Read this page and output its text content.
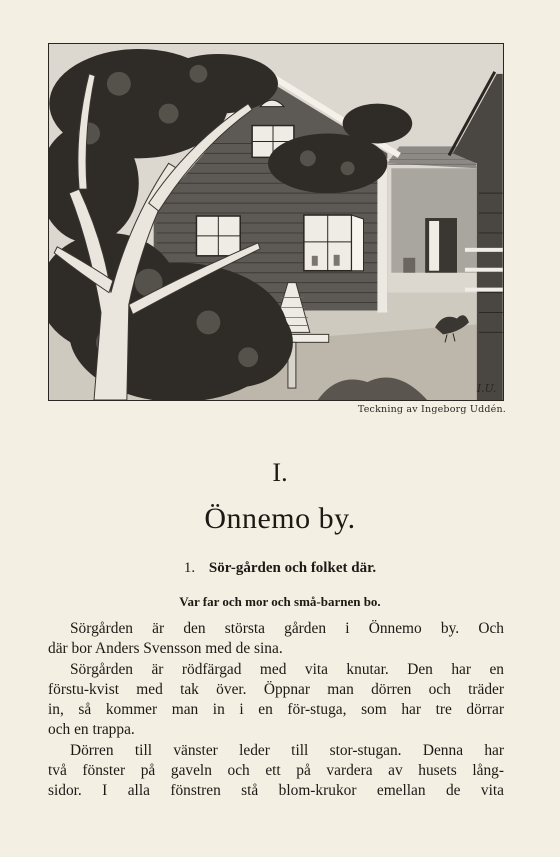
I.U.
Teckning av Ingeborg Uddén.
I.
Önnemo by.
1. Sör-gården och folket där.
Var far och mor och små-barnen bo.
Sörgården är den största gården i Önnemo by. Och
där bor Anders Svensson med de sina.
Sörgården är rödfärgad med vita knutar. Den har en
förstu-kvist med tak över. Öppnar man dörren och träder
in, så kommer man in i en för-stuga, som har tre dörrar
och en trappa.
Dörren till vänster leder till stor-stugan. Denna har
två fönster på gaveln och ett på vardera av husets lång-
sidor. I alla fönstren stå blom-krukor emellan de vita
